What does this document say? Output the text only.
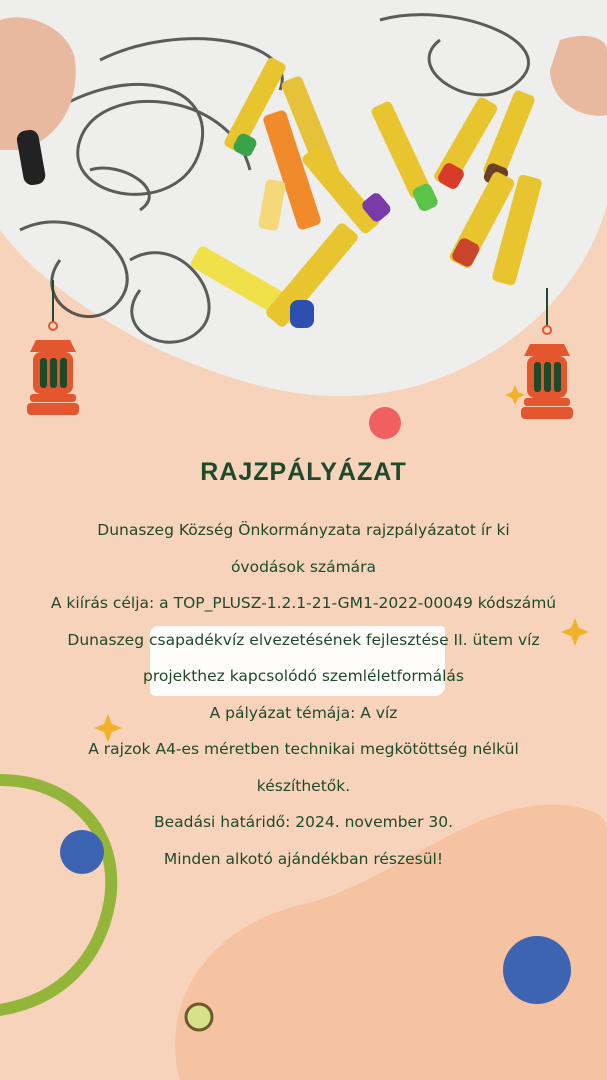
RAJZPÁLYÁZAT
Dunaszeg Község Önkormányzata rajzpályázatot ír ki
óvodások számára
A kiírás célja: a TOP_PLUSZ-1.2.1-21-GM1-2022-00049 kódszámú
Dunaszeg csapadékvíz elvezetésének fejlesztése II. ütem víz
projekthez kapcsolódó szemléletformálás
A pályázat témája: A víz
A rajzok A4-es méretben technikai megkötöttség nélkül
készíthetők.
Beadási határidő: 2024. november 30.
Minden alkotó ajándékban részesül!
